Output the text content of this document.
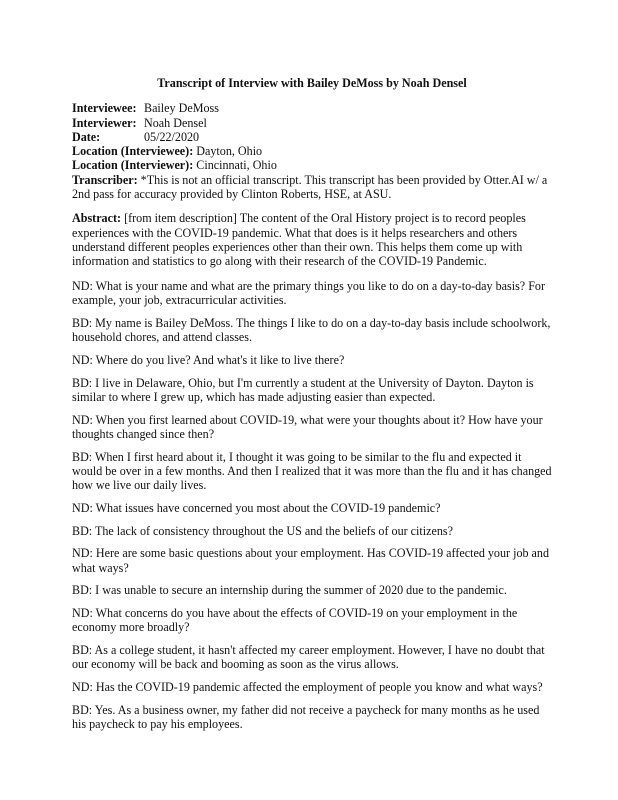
Transcript of Interview with Bailey DeMoss by Noah Densel

Interviewee: Bailey DeMoss
Interviewer: Noah Densel
Date:	05/22/2020
Location (Interviewee): Dayton, Ohio
Location (Interviewer): Cincinnati, Ohio

Transcriber: *This is not an official transcript. This transcript has been provided by Otter.AI w/ a 2nd pass for accuracy provided by Clinton Roberts, HSE, at ASU.

Abstract: [from item description] The content of the Oral History project is to record peoples experiences with the COVID-19 pandemic. What that does is it helps researchers and others understand different peoples experiences other than their own. This helps them come up with information and statistics to go along with their research of the COVID-19 Pandemic.

ND: What is your name and what are the primary things you like to do on a day-to-day basis? For example, your job, extracurricular activities.

BD: My name is Bailey DeMoss. The things I like to do on a day-to-day basis include schoolwork, household chores, and attend classes.

ND: Where do you live? And what's it like to live there?

BD: I live in Delaware, Ohio, but I'm currently a student at the University of Dayton. Dayton is similar to where I grew up, which has made adjusting easier than expected.

ND: When you first learned about COVID-19, what were your thoughts about it? How have your thoughts changed since then?

BD: When I first heard about it, I thought it was going to be similar to the flu and expected it would be over in a few months. And then I realized that it was more than the flu and it has changed how we live our daily lives.

ND: What issues have concerned you most about the COVID-19 pandemic?

BD: The lack of consistency throughout the US and the beliefs of our citizens?

ND: Here are some basic questions about your employment. Has COVID-19 affected your job and what ways?

BD: I was unable to secure an internship during the summer of 2020 due to the pandemic.

ND: What concerns do you have about the effects of COVID-19 on your employment in the economy more broadly?

BD: As a college student, it hasn't affected my career employment. However, I have no doubt that our economy will be back and booming as soon as the virus allows.

ND: Has the COVID-19 pandemic affected the employment of people you know and what ways?

BD: Yes. As a business owner, my father did not receive a paycheck for many months as he used his paycheck to pay his employees.
